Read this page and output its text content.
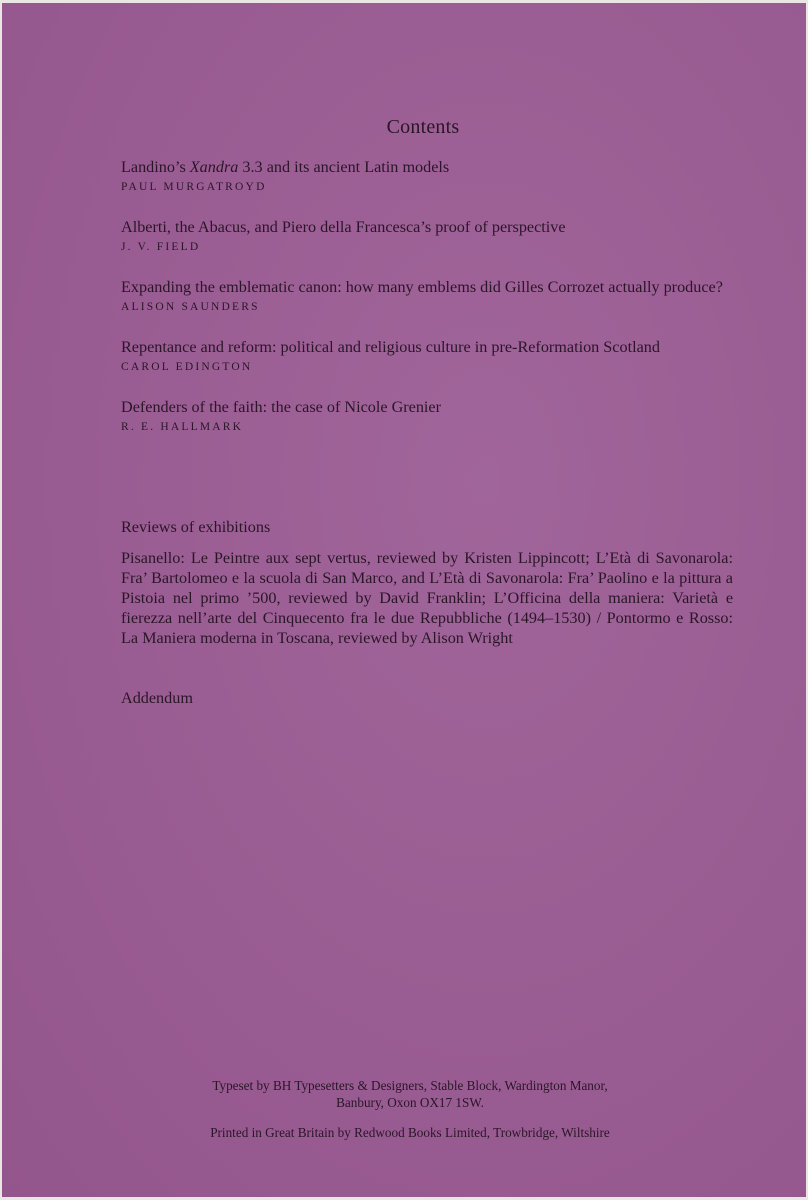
Contents
Landino’s Xandra 3.3 and its ancient Latin models
PAUL MURGATROYD
Alberti, the Abacus, and Piero della Francesca’s proof of perspective
J. V. FIELD
Expanding the emblematic canon: how many emblems did Gilles Corrozet actually produce?
ALISON SAUNDERS
Repentance and reform: political and religious culture in pre-Reformation Scotland
CAROL EDINGTON
Defenders of the faith: the case of Nicole Grenier
R. E. HALLMARK
Reviews of exhibitions
Pisanello: Le Peintre aux sept vertus, reviewed by Kristen Lippincott; L’Età di Savonarola: Fra’ Bartolomeo e la scuola di San Marco, and L’Età di Savonarola: Fra’ Paolino e la pittura a Pistoia nel primo ’500, reviewed by David Franklin; L’Officina della maniera: Varietà e fierezza nell’arte del Cinquecento fra le due Repubbliche (1494–1530) / Pontormo e Rosso: La Maniera moderna in Toscana, reviewed by Alison Wright
Addendum

Typeset by BH Typesetters & Designers, Stable Block, Wardington Manor,
Banbury, Oxon OX17 1SW.

Printed in Great Britain by Redwood Books Limited, Trowbridge, Wiltshire
